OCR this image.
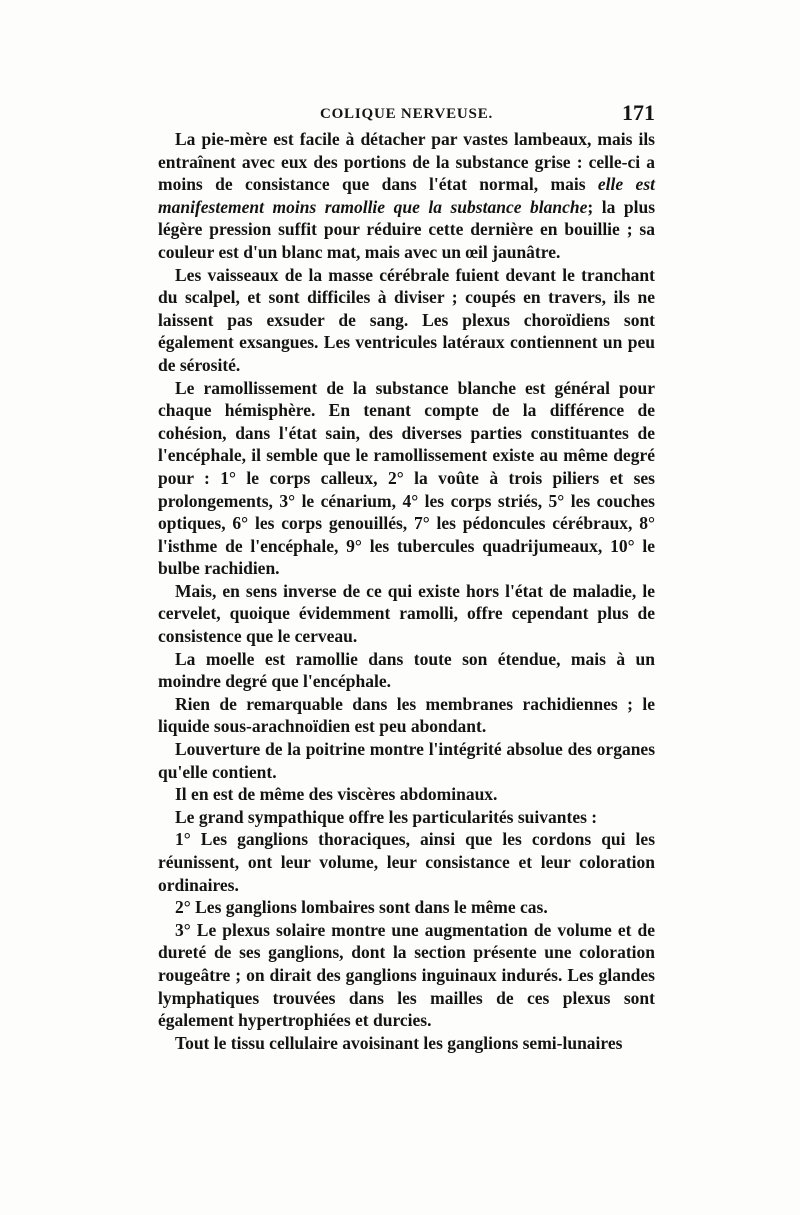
COLIQUE NERVEUSE.	171

La pie-mère est facile à détacher par vastes lambeaux, mais ils entraînent avec eux des portions de la substance grise : celle-ci a moins de consistance que dans l'état normal, mais elle est manifestement moins ramollie que la substance blanche; la plus légère pression suffit pour réduire cette dernière en bouillie ; sa couleur est d'un blanc mat, mais avec un œil jaunâtre.

Les vaisseaux de la masse cérébrale fuient devant le tranchant du scalpel, et sont difficiles à diviser ; coupés en travers, ils ne laissent pas exsuder de sang. Les plexus choroïdiens sont également exsangues. Les ventricules latéraux contiennent un peu de sérosité.

Le ramollissement de la substance blanche est général pour chaque hémisphère. En tenant compte de la différence de cohésion, dans l'état sain, des diverses parties constituantes de l'encéphale, il semble que le ramollissement existe au même degré pour : 1° le corps calleux, 2° la voûte à trois piliers et ses prolongements, 3° le cénarium, 4° les corps striés, 5° les couches optiques, 6° les corps genouillés, 7° les pédoncules cérébraux, 8° l'isthme de l'encéphale, 9° les tubercules quadrijumeaux, 10° le bulbe rachidien.

Mais, en sens inverse de ce qui existe hors l'état de maladie, le cervelet, quoique évidemment ramolli, offre cependant plus de consistence que le cerveau.

La moelle est ramollie dans toute son étendue, mais à un moindre degré que l'encéphale.

Rien de remarquable dans les membranes rachidiennes ; le liquide sous-arachnoïdien est peu abondant.

Louverture de la poitrine montre l'intégrité absolue des organes qu'elle contient.

Il en est de même des viscères abdominaux.

Le grand sympathique offre les particularités suivantes :

1° Les ganglions thoraciques, ainsi que les cordons qui les réunissent, ont leur volume, leur consistance et leur coloration ordinaires.

2° Les ganglions lombaires sont dans le même cas.

3° Le plexus solaire montre une augmentation de volume et de dureté de ses ganglions, dont la section présente une coloration rougeâtre ; on dirait des ganglions inguinaux indurés. Les glandes lymphatiques trouvées dans les mailles de ces plexus sont également hypertrophiées et durcies.

Tout le tissu cellulaire avoisinant les ganglions semi-lunaires
